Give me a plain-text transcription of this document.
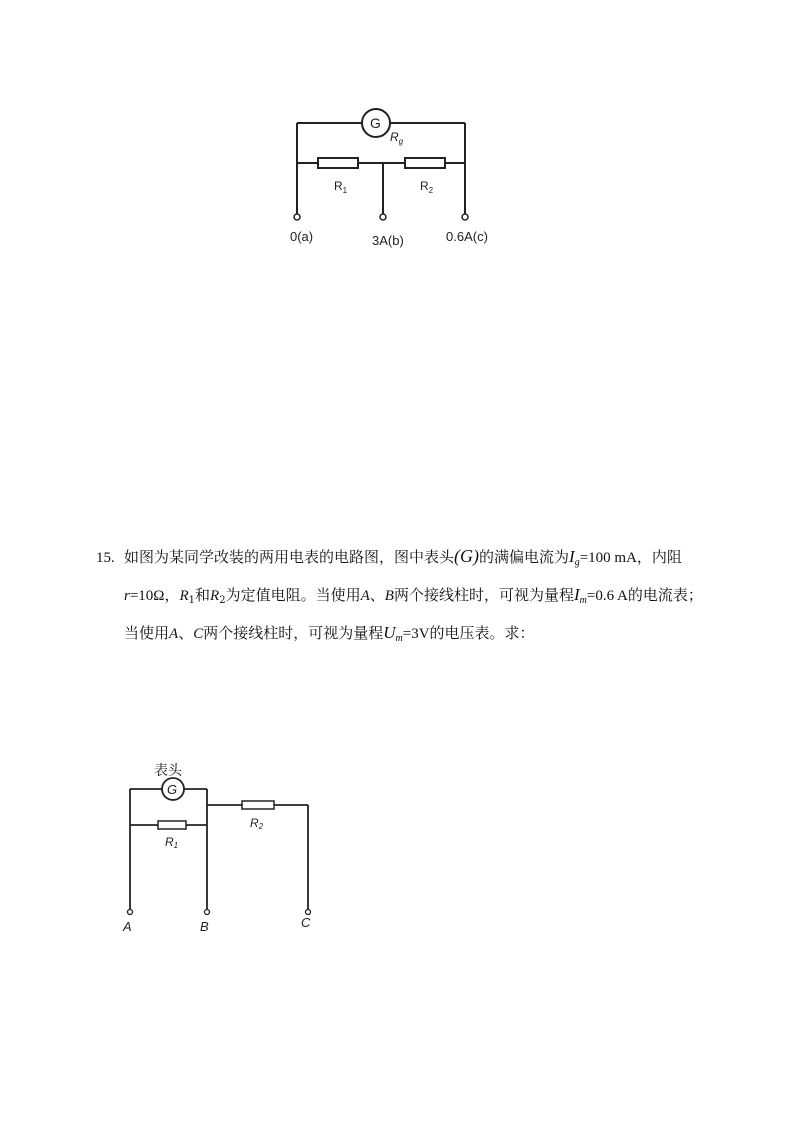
G
$R_g$
$R_1$	$R_2$
0(a)	3A(b)	0.6A(c)
15. 如图为某同学改装的两用电表的电路图，图中表头(G)的满偏电流为$I_g=100$ mA，内阻
r=10Ω，$R_1$和$R_2$为定值电阻。当使用A、B两个接线柱时，可视为量程$I_m=0.6$ A的电流表；
当使用A、C两个接线柱时，可视为量程$U_m=3V$的电压表。求：
表头
G
R1
R2
A	B	C
